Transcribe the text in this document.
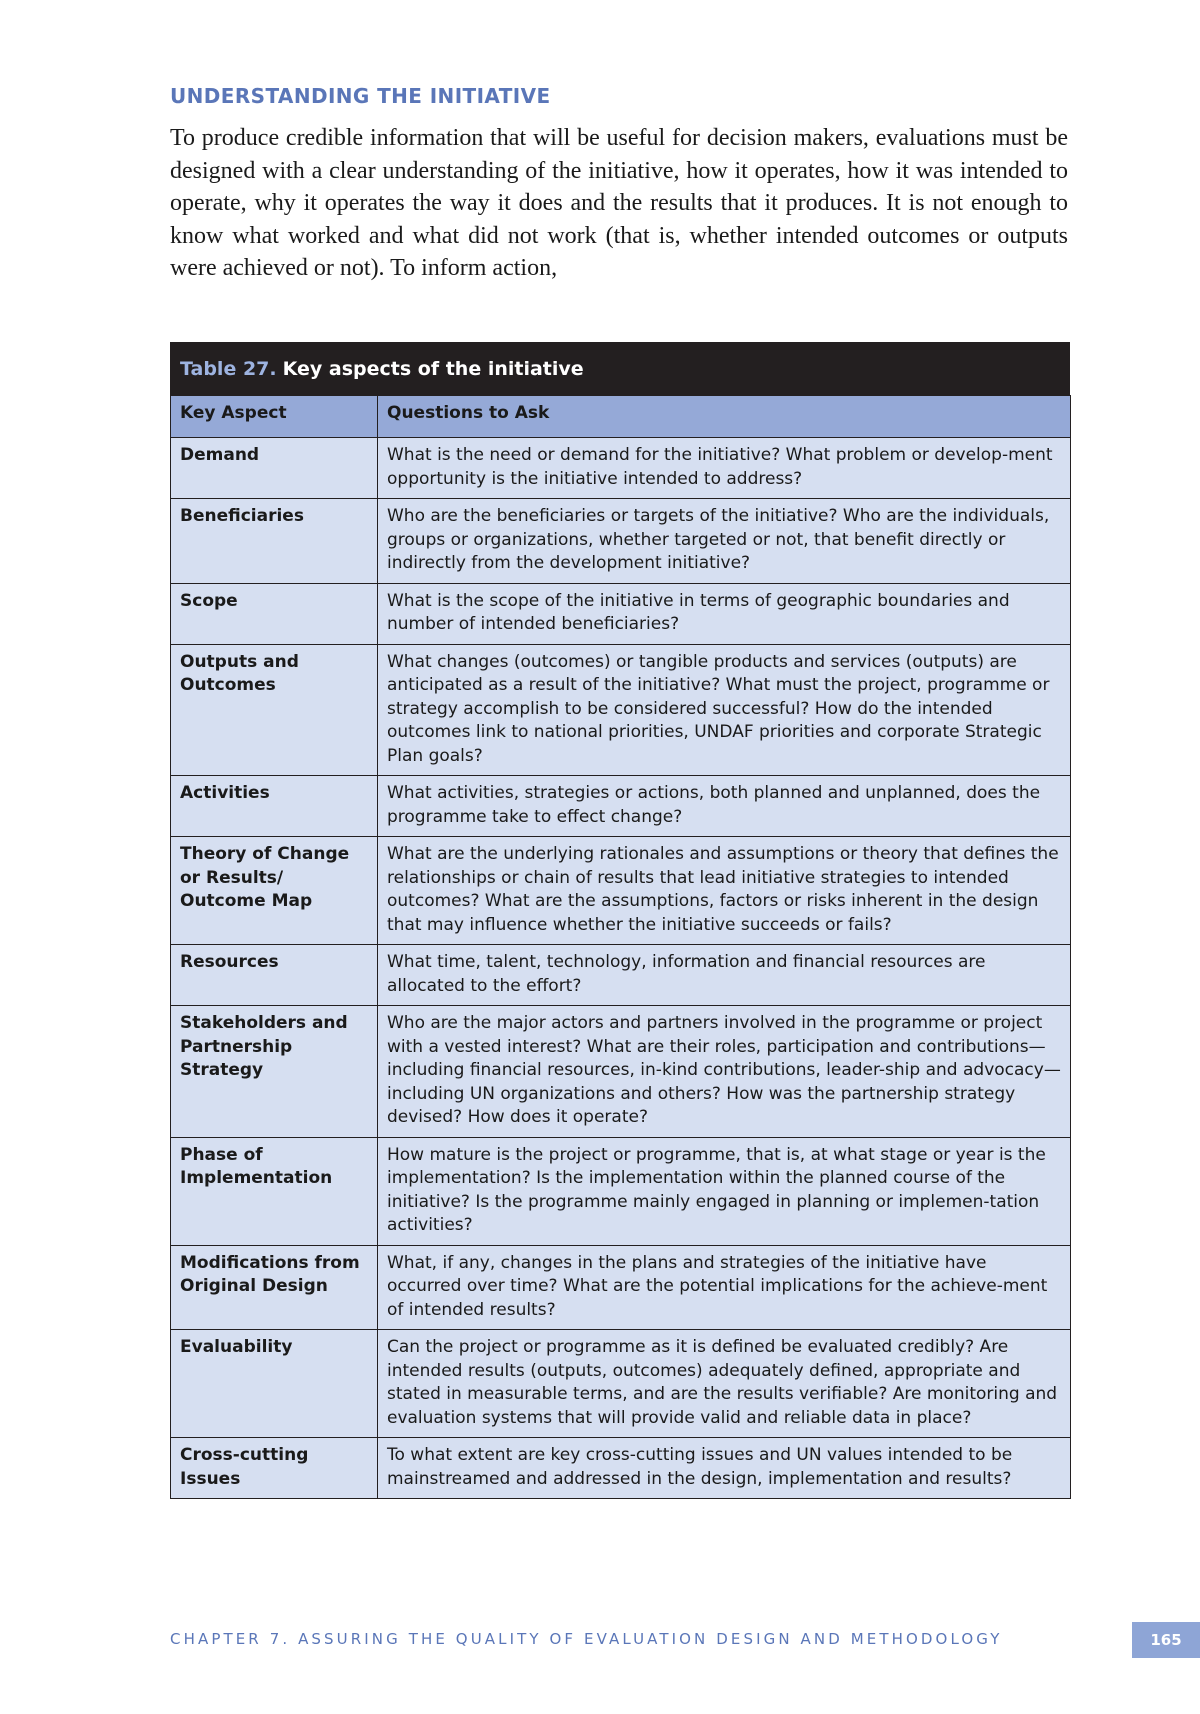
UNDERSTANDING THE INITIATIVE

To produce credible information that will be useful for decision makers, evaluations must be designed with a clear understanding of the initiative, how it operates, how it was intended to operate, why it operates the way it does and the results that it produces. It is not enough to know what worked and what did not work (that is, whether intended outcomes or outputs were achieved or not). To inform action,

Table 27. Key aspects of the initiative
Key Aspect	Questions to Ask
Demand	What is the need or demand for the initiative? What problem or develop-ment opportunity is the initiative intended to address?
Beneficiaries	Who are the beneficiaries or targets of the initiative? Who are the individuals, groups or organizations, whether targeted or not, that benefit directly or indirectly from the development initiative?
Scope	What is the scope of the initiative in terms of geographic boundaries and number of intended beneficiaries?
Outputs and Outcomes	What changes (outcomes) or tangible products and services (outputs) are anticipated as a result of the initiative? What must the project, programme or strategy accomplish to be considered successful? How do the intended outcomes link to national priorities, UNDAF priorities and corporate Strategic Plan goals?
Activities	What activities, strategies or actions, both planned and unplanned, does the programme take to effect change?
Theory of Change or Results/ Outcome Map	What are the underlying rationales and assumptions or theory that defines the relationships or chain of results that lead initiative strategies to intended outcomes? What are the assumptions, factors or risks inherent in the design that may influence whether the initiative succeeds or fails?
Resources	What time, talent, technology, information and financial resources are allocated to the effort?
Stakeholders and Partnership Strategy	Who are the major actors and partners involved in the programme or project with a vested interest? What are their roles, participation and contributions—including financial resources, in-kind contributions, leader-ship and advocacy—including UN organizations and others? How was the partnership strategy devised? How does it operate?
Phase of Implementation	How mature is the project or programme, that is, at what stage or year is the implementation? Is the implementation within the planned course of the initiative? Is the programme mainly engaged in planning or implemen-tation activities?
Modifications from Original Design	What, if any, changes in the plans and strategies of the initiative have occurred over time? What are the potential implications for the achieve-ment of intended results?
Evaluability	Can the project or programme as it is defined be evaluated credibly? Are intended results (outputs, outcomes) adequately defined, appropriate and stated in measurable terms, and are the results verifiable? Are monitoring and evaluation systems that will provide valid and reliable data in place?
Cross-cutting Issues	To what extent are key cross-cutting issues and UN values intended to be mainstreamed and addressed in the design, implementation and results?
CHAPTER 7. ASSURING THE QUALITY OF EVALUATION DESIGN AND METHODOLOGY	165
